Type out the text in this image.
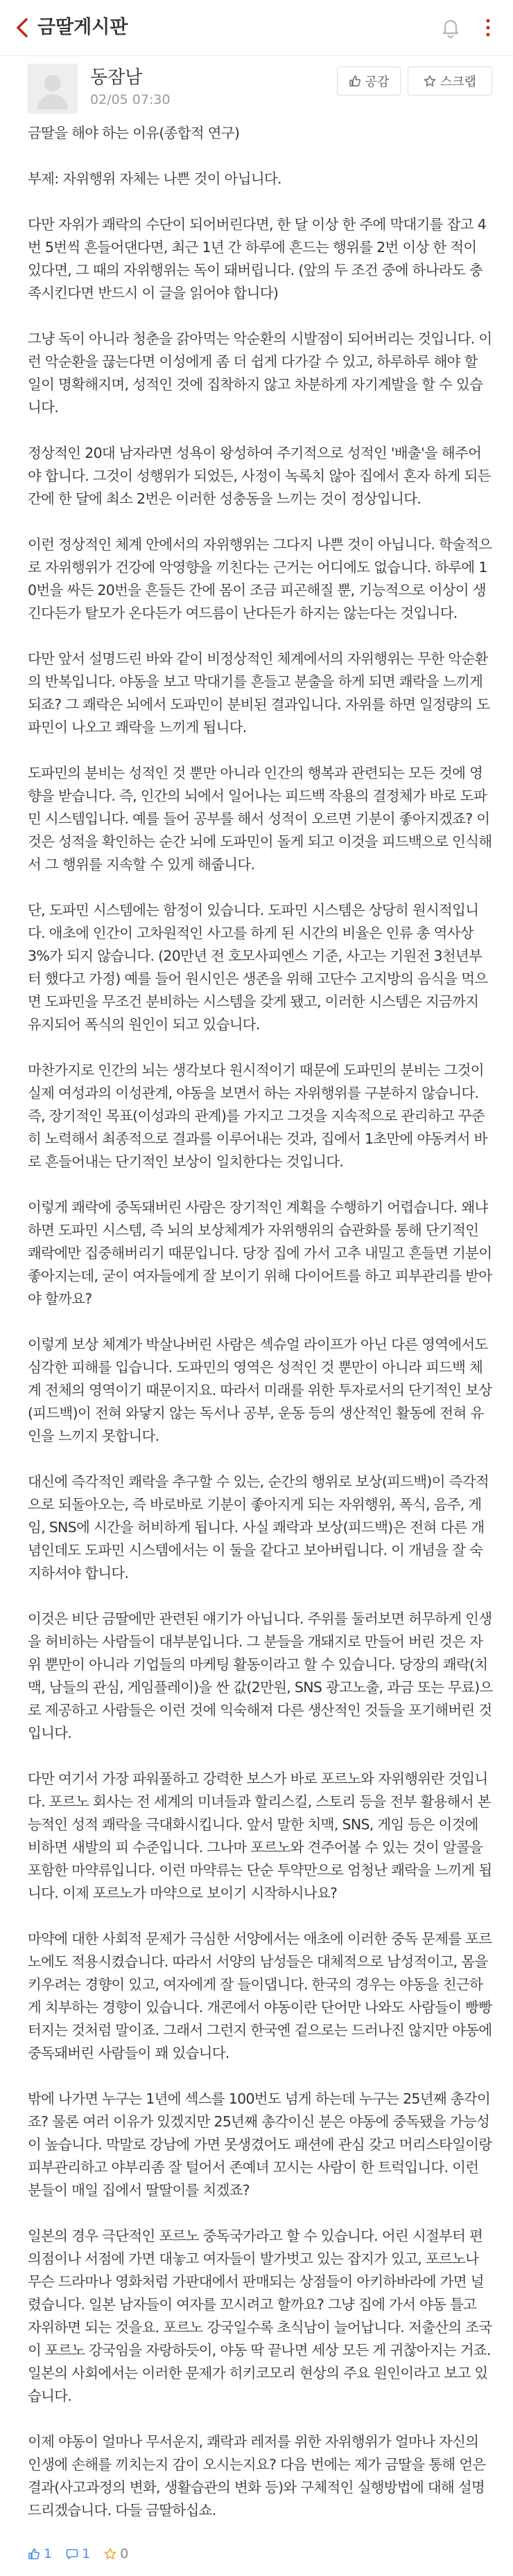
금딸게시판
동잠남
02/05 07:30
공감	스크랩

금딸을 해야 하는 이유(종합적 연구)

부제: 자위행위 자체는 나쁜 것이 아닙니다.

다만 자위가 쾌락의 수단이 되어버린다면, 한 달 이상 한 주에 막대기를 잡고 4번 5번씩 흔들어댄다면, 최근 1년 간 하루에 흔드는 행위를 2번 이상 한 적이 있다면, 그 때의 자위행위는 독이 돼버립니다. (앞의 두 조건 중에 하나라도 충족시킨다면 반드시 이 글을 읽어야 합니다)

그냥 독이 아니라 청춘을 갉아먹는 악순환의 시발점이 되어버리는 것입니다. 이런 악순환을 끊는다면 이성에게 좀 더 쉽게 다가갈 수 있고, 하루하루 해야 할 일이 명확해지며, 성적인 것에 집착하지 않고 차분하게 자기계발을 할 수 있습니다.

정상적인 20대 남자라면 성욕이 왕성하여 주기적으로 성적인 '배출'을 해주어야 합니다. 그것이 성행위가 되었든, 사정이 녹록치 않아 집에서 혼자 하게 되든 간에 한 달에 최소 2번은 이러한 성충동을 느끼는 것이 정상입니다.

이런 정상적인 체계 안에서의 자위행위는 그다지 나쁜 것이 아닙니다. 학술적으로 자위행위가 건강에 악영향을 끼친다는 근거는 어디에도 없습니다. 하루에 10번을 싸든 20번을 흔들든 간에 몸이 조금 피곤해질 뿐, 기능적으로 이상이 생긴다든가 탈모가 온다든가 여드름이 난다든가 하지는 않는다는 것입니다.

다만 앞서 설명드린 바와 같이 비정상적인 체계에서의 자위행위는 무한 악순환의 반복입니다. 야동을 보고 막대기를 흔들고 분출을 하게 되면 쾌락을 느끼게 되죠? 그 쾌락은 뇌에서 도파민이 분비된 결과입니다. 자위를 하면 일정량의 도파민이 나오고 쾌락을 느끼게 됩니다.

도파민의 분비는 성적인 것 뿐만 아니라 인간의 행복과 관련되는 모든 것에 영향을 받습니다. 즉, 인간의 뇌에서 일어나는 피드백 작용의 결정체가 바로 도파민 시스템입니다. 예를 들어 공부를 해서 성적이 오르면 기분이 좋아지겠죠? 이것은 성적을 확인하는 순간 뇌에 도파민이 돌게 되고 이것을 피드백으로 인식해서 그 행위를 지속할 수 있게 해줍니다.

단, 도파민 시스템에는 함정이 있습니다. 도파민 시스템은 상당히 원시적입니다. 애초에 인간이 고차원적인 사고를 하게 된 시간의 비율은 인류 총 역사상 3%가 되지 않습니다. (20만년 전 호모사피엔스 기준, 사고는 기원전 3천년부터 했다고 가정) 예를 들어 원시인은 생존을 위해 고단수 고지방의 음식을 먹으면 도파민을 무조건 분비하는 시스템을 갖게 됐고, 이러한 시스템은 지금까지 유지되어 폭식의 원인이 되고 있습니다.

마찬가지로 인간의 뇌는 생각보다 원시적이기 때문에 도파민의 분비는 그것이 실제 여성과의 이성관계, 야동을 보면서 하는 자위행위를 구분하지 않습니다. 즉, 장기적인 목표(이성과의 관계)를 가지고 그것을 지속적으로 관리하고 꾸준히 노력해서 최종적으로 결과를 이루어내는 것과, 집에서 1초만에 야동켜서 바로 흔들어내는 단기적인 보상이 일치한다는 것입니다.

이렇게 쾌락에 중독돼버린 사람은 장기적인 계획을 수행하기 어렵습니다. 왜냐하면 도파민 시스템, 즉 뇌의 보상체계가 자위행위의 습관화를 통해 단기적인 쾌락에만 집중해버리기 때문입니다. 당장 집에 가서 고추 내밀고 흔들면 기분이 좋아지는데, 굳이 여자들에게 잘 보이기 위해 다이어트를 하고 피부관리를 받아야 할까요?

이렇게 보상 체계가 박살나버린 사람은 섹슈얼 라이프가 아닌 다른 영역에서도 심각한 피해를 입습니다. 도파민의 영역은 성적인 것 뿐만이 아니라 피드백 체계 전체의 영역이기 때문이지요. 따라서 미래를 위한 투자로서의 단기적인 보상(피드백)이 전혀 와닿지 않는 독서나 공부, 운동 등의 생산적인 활동에 전혀 유인을 느끼지 못합니다.

대신에 즉각적인 쾌락을 추구할 수 있는, 순간의 행위로 보상(피드백)이 즉각적으로 되돌아오는, 즉 바로바로 기분이 좋아지게 되는 자위행위, 폭식, 음주, 게임, SNS에 시간을 허비하게 됩니다. 사실 쾌락과 보상(피드백)은 전혀 다른 개념인데도 도파민 시스템에서는 이 둘을 같다고 보아버립니다. 이 개념을 잘 숙지하셔야 합니다.

이것은 비단 금딸에만 관련된 얘기가 아닙니다. 주위를 둘러보면 허무하게 인생을 허비하는 사람들이 대부분입니다. 그 분들을 개돼지로 만들어 버린 것은 자위 뿐만이 아니라 기업들의 마케팅 활동이라고 할 수 있습니다. 당장의 쾌락(치맥, 남들의 관심, 게임플레이)을 싼 값(2만원, SNS 광고노출, 과금 또는 무료)으로 제공하고 사람들은 이런 것에 익숙해져 다른 생산적인 것들을 포기해버린 것입니다.

다만 여기서 가장 파워풀하고 강력한 보스가 바로 포르노와 자위행위란 것입니다. 포르노 회사는 전 세계의 미녀들과 할리스킬, 스토리 등을 전부 활용해서 본능적인 성적 쾌락을 극대화시킵니다. 앞서 말한 치맥, SNS, 게임 등은 이것에 비하면 새발의 피 수준입니다. 그나마 포르노와 견주어볼 수 있는 것이 알콜을 포함한 마약류입니다. 이런 마약류는 단순 투약만으로 엄청난 쾌락을 느끼게 됩니다. 이제 포르노가 마약으로 보이기 시작하시나요?

마약에 대한 사회적 문제가 극심한 서양에서는 애초에 이러한 중독 문제를 포르노에도 적용시켰습니다. 따라서 서양의 남성들은 대체적으로 남성적이고, 몸을 키우려는 경향이 있고, 여자에게 잘 들이댑니다. 한국의 경우는 야동을 친근하게 치부하는 경향이 있습니다. 개콘에서 야동이란 단어만 나와도 사람들이 빵빵 터지는 것처럼 말이죠. 그래서 그런지 한국엔 겉으로는 드러나진 않지만 야동에 중독돼버린 사람들이 꽤 있습니다.

밖에 나가면 누구는 1년에 섹스를 100번도 넘게 하는데 누구는 25년째 총각이죠? 물론 여러 이유가 있겠지만 25년째 총각이신 분은 야동에 중독됐을 가능성이 높습니다. 막말로 강남에 가면 못생겼어도 패션에 관심 갖고 머리스타일이랑 피부관리하고 야부리좀 잘 털어서 존예녀 꼬시는 사람이 한 트럭입니다. 이런 분들이 매일 집에서 딸딸이를 치겠죠?

일본의 경우 극단적인 포르노 중독국가라고 할 수 있습니다. 어린 시절부터 편의점이나 서점에 가면 대놓고 여자들이 발가벗고 있는 잡지가 있고, 포르노나 무슨 드라마나 영화처럼 가판대에서 판매되는 상점들이 아키하바라에 가면 널렸습니다. 일본 남자들이 여자를 꼬시려고 할까요? 그냥 집에 가서 야동 틀고 자위하면 되는 것을요. 포르노 강국일수록 초식남이 늘어납니다. 저출산의 조국이 포르노 강국임을 자랑하듯이, 야동 딱 끝나면 세상 모든 게 귀찮아지는 거죠. 일본의 사회에서는 이러한 문제가 히키코모리 현상의 주요 원인이라고 보고 있습니다.

이제 야동이 얼마나 무서운지, 쾌락과 레저를 위한 자위행위가 얼마나 자신의 인생에 손해를 끼치는지 감이 오시는지요? 다음 번에는 제가 금딸을 통해 얻은 결과(사고과정의 변화, 생활습관의 변화 등)와 구체적인 실행방법에 대해 설명드리겠습니다. 다들 금딸하십쇼.

1 1 0
